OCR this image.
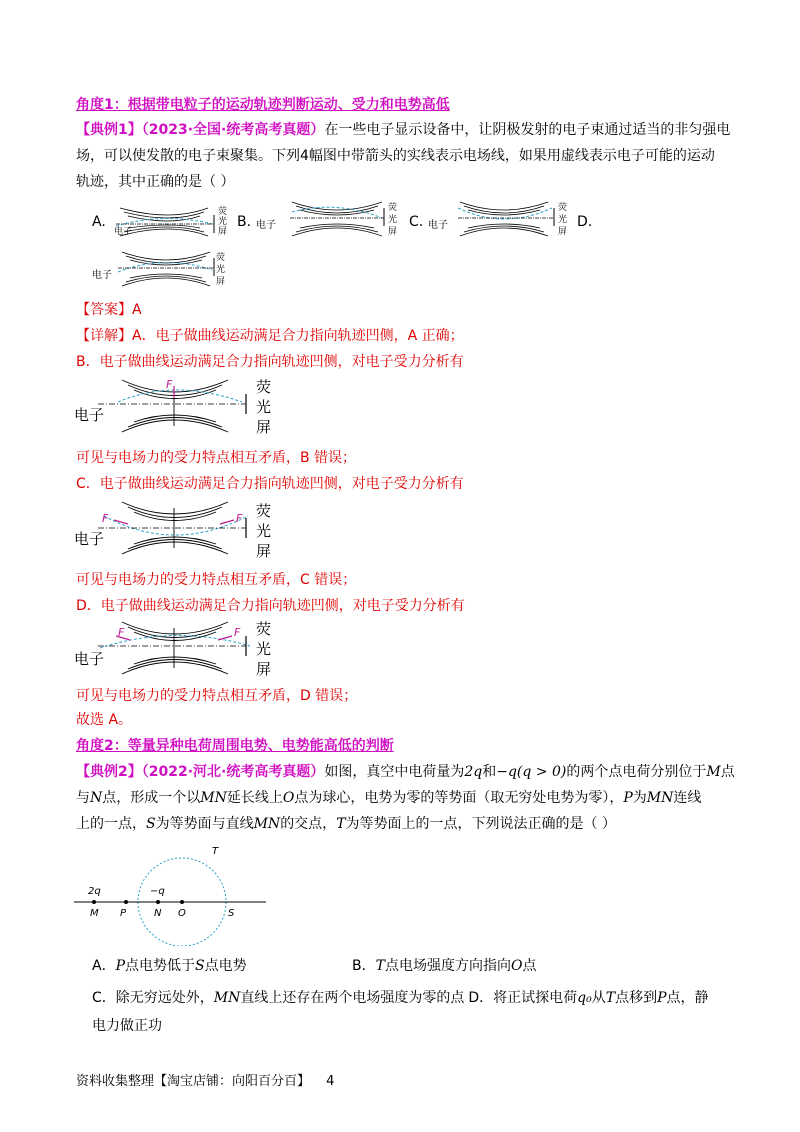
角度1：根据带电粒子的运动轨迹判断运动、受力和电势高低
【典例1】（2023·全国·统考高考真题）在一些电子显示设备中，让阴极发射的电子束通过适当的非匀强电
场，可以使发散的电子束聚集。下列4幅图中带箭头的实线表示电场线，如果用虚线表示电子可能的运动
轨迹，其中正确的是（ ）
A.	B.	C.	D.
电子
荧
光
屏
电子
荧
光
屏
电子
荧
光
屏
电子
荧
光
屏
【答案】A
【详解】A．电子做曲线运动满足合力指向轨迹凹侧，A 正确；
B．电子做曲线运动满足合力指向轨迹凹侧，对电子受力分析有
F
电子
荧
光
屏
可见与电场力的受力特点相互矛盾，B 错误；
C．电子做曲线运动满足合力指向轨迹凹侧，对电子受力分析有
F	F
电子
荧
光
屏
可见与电场力的受力特点相互矛盾，C 错误；
D．电子做曲线运动满足合力指向轨迹凹侧，对电子受力分析有
F	F
电子
荧
光
屏
可见与电场力的受力特点相互矛盾，D 错误；
故选 A。
角度2：等量异种电荷周围电势、电势能高低的判断
【典例2】（2022·河北·统考高考真题）如图，真空中电荷量为2q和−q(q > 0)的两个点电荷分别位于M点
与N点，形成一个以MN延长线上O点为球心，电势为零的等势面（取无穷处电势为零），P为MN连线
上的一点，S为等势面与直线MN的交点，T为等势面上的一点，下列说法正确的是（ ）
2q	−q
M P	N O	S
T
A．P点电势低于S点电势	B．T点电场强度方向指向O点
C．除无穷远处外，MN直线上还存在两个电场强度为零的点 D．将正试探电荷q₀从T点移到P点，静
电力做正功
资料收集整理【淘宝店铺：向阳百分百】 4
